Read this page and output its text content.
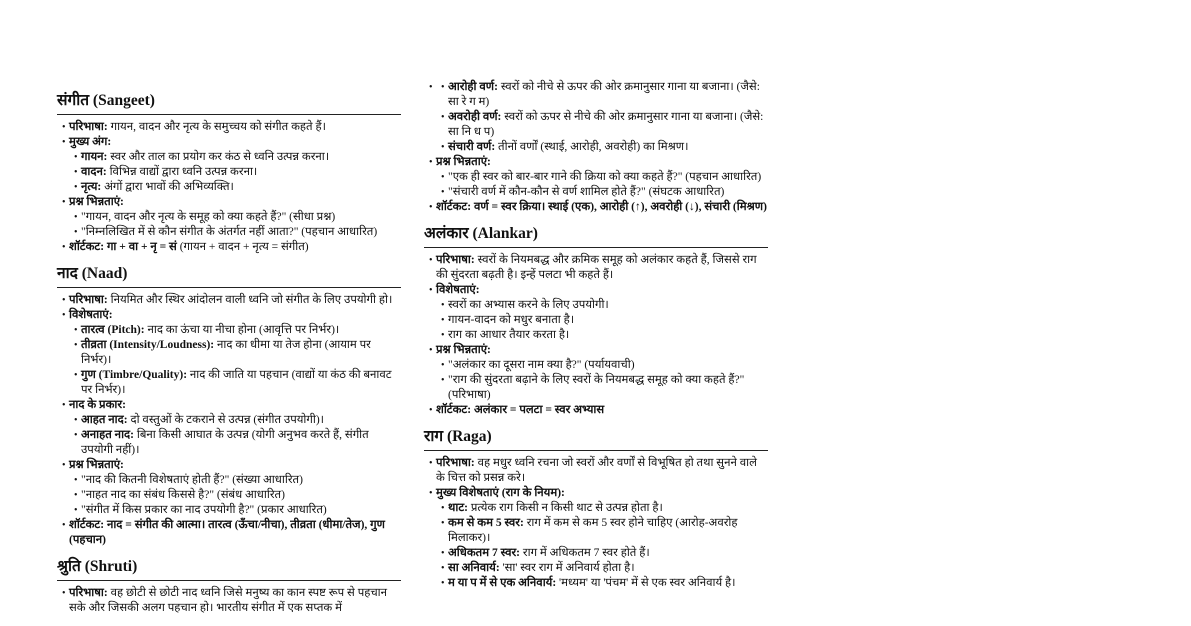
संगीत (Sangeet)
• परिभाषा: गायन, वादन और नृत्य के समुच्चय को संगीत कहते हैं।
• मुख्य अंग:
• गायन: स्वर और ताल का प्रयोग कर कंठ से ध्वनि उत्पन्न करना।
• वादन: विभिन्न वाद्यों द्वारा ध्वनि उत्पन्न करना।
• नृत्य: अंगों द्वारा भावों की अभिव्यक्ति।
• प्रश्न भिन्नताएं:
• "गायन, वादन और नृत्य के समूह को क्या कहते हैं?" (सीधा प्रश्न)
• "निम्नलिखित में से कौन संगीत के अंतर्गत नहीं आता?" (पहचान आधारित)
• शॉर्टकट: गा + वा + नृ = सं (गायन + वादन + नृत्य = संगीत)
नाद (Naad)
• परिभाषा: नियमित और स्थिर आंदोलन वाली ध्वनि जो संगीत के लिए उपयोगी हो।
• विशेषताएं:
• तारत्व (Pitch): नाद का ऊंचा या नीचा होना (आवृत्ति पर निर्भर)।
• तीव्रता (Intensity/Loudness): नाद का धीमा या तेज होना (आयाम पर निर्भर)।
• गुण (Timbre/Quality): नाद की जाति या पहचान (वाद्यों या कंठ की बनावट पर निर्भर)।
• नाद के प्रकार:
• आहत नाद: दो वस्तुओं के टकराने से उत्पन्न (संगीत उपयोगी)।
• अनाहत नाद: बिना किसी आघात के उत्पन्न (योगी अनुभव करते हैं, संगीत उपयोगी नहीं)।
• प्रश्न भिन्नताएं:
• "नाद की कितनी विशेषताएं होती हैं?" (संख्या आधारित)
• "नाहत नाद का संबंध किससे है?" (संबंध आधारित)
• "संगीत में किस प्रकार का नाद उपयोगी है?" (प्रकार आधारित)
• शॉर्टकट: नाद = संगीत की आत्मा। तारत्व (ऊँचा/नीचा), तीव्रता (धीमा/तेज), गुण (पहचान)
श्रुति (Shruti)
• परिभाषा: वह छोटी से छोटी नाद ध्वनि जिसे मनुष्य का कान स्पष्ट रूप से पहचान सके और जिसकी अलग पहचान हो। भारतीय संगीत में एक सप्तक में
• • आरोही वर्ण: स्वरों को नीचे से ऊपर की ओर क्रमानुसार गाना या बजाना। (जैसे: सा रे ग म)
• अवरोही वर्ण: स्वरों को ऊपर से नीचे की ओर क्रमानुसार गाना या बजाना। (जैसे: सा नि ध प)
• संचारी वर्ण: तीनों वर्णों (स्थाई, आरोही, अवरोही) का मिश्रण।
• प्रश्न भिन्नताएं:
• "एक ही स्वर को बार-बार गाने की क्रिया को क्या कहते हैं?" (पहचान आधारित)
• "संचारी वर्ण में कौन-कौन से वर्ण शामिल होते हैं?" (संघटक आधारित)
• शॉर्टकट: वर्ण = स्वर क्रिया। स्थाई (एक), आरोही (↑), अवरोही (↓), संचारी (मिश्रण)
अलंकार (Alankar)
• परिभाषा: स्वरों के नियमबद्ध और क्रमिक समूह को अलंकार कहते हैं, जिससे राग की सुंदरता बढ़ती है। इन्हें पलटा भी कहते हैं।
• विशेषताएं:
• स्वरों का अभ्यास करने के लिए उपयोगी।
• गायन-वादन को मधुर बनाता है।
• राग का आधार तैयार करता है।
• प्रश्न भिन्नताएं:
• "अलंकार का दूसरा नाम क्या है?" (पर्यायवाची)
• "राग की सुंदरता बढ़ाने के लिए स्वरों के नियमबद्ध समूह को क्या कहते हैं?" (परिभाषा)
• शॉर्टकट: अलंकार = पलटा = स्वर अभ्यास
राग (Raga)
• परिभाषा: वह मधुर ध्वनि रचना जो स्वरों और वर्णों से विभूषित हो तथा सुनने वाले के चित्त को प्रसन्न करे।
• मुख्य विशेषताएं (राग के नियम):
• थाट: प्रत्येक राग किसी न किसी थाट से उत्पन्न होता है।
• कम से कम 5 स्वर: राग में कम से कम 5 स्वर होने चाहिए (आरोह-अवरोह मिलाकर)।
• अधिकतम 7 स्वर: राग में अधिकतम 7 स्वर होते हैं।
• सा अनिवार्य: 'सा' स्वर राग में अनिवार्य होता है।
• म या प में से एक अनिवार्य: 'मध्यम' या 'पंचम' में से एक स्वर अनिवार्य है।
